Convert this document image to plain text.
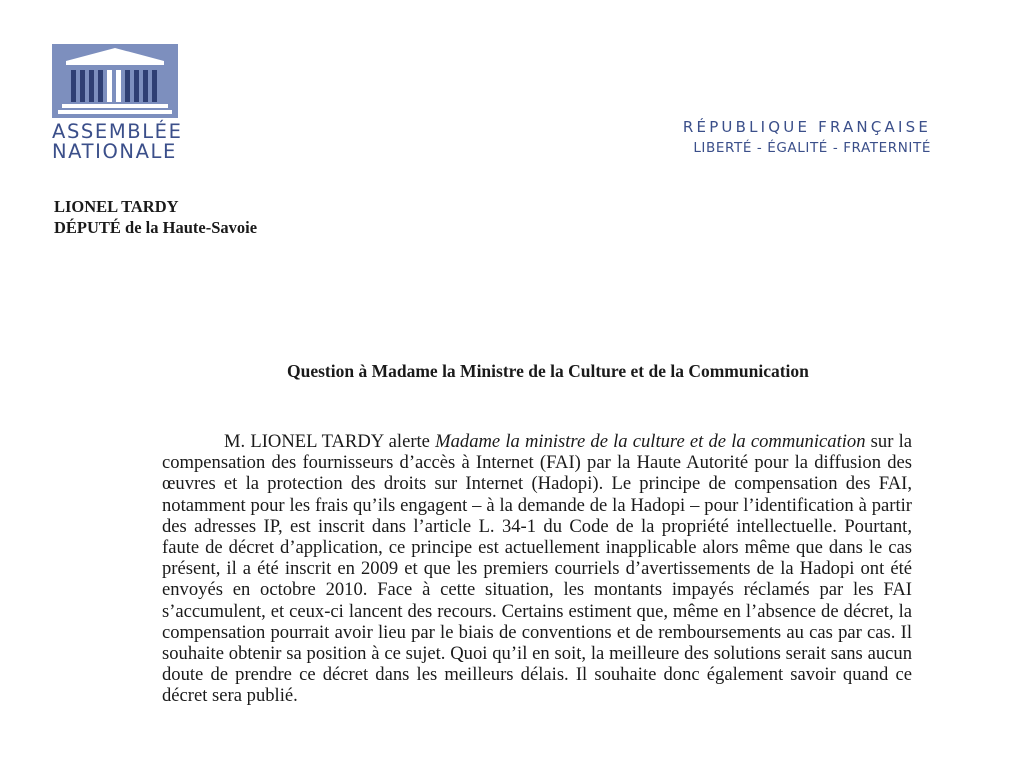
ASSEMBLÉE
NATIONALE
RÉPUBLIQUE FRANÇAISE
LIBERTÉ - ÉGALITÉ - FRATERNITÉ
LIONEL TARDY
DÉPUTÉ de la Haute-Savoie
Question à Madame la Ministre de la Culture et de la Communication

M. LIONEL TARDY alerte Madame la ministre de la culture et de la communication sur la compensation des fournisseurs d’accès à Internet (FAI) par la Haute Autorité pour la diffusion des œuvres et la protection des droits sur Internet (Hadopi). Le principe de compensation des FAI, notamment pour les frais qu’ils engagent – à la demande de la Hadopi – pour l’identification à partir des adresses IP, est inscrit dans l’article L. 34-1 du Code de la propriété intellectuelle. Pourtant, faute de décret d’application, ce principe est actuellement inapplicable alors même que dans le cas présent, il a été inscrit en 2009 et que les premiers courriels d’avertissements de la Hadopi ont été envoyés en octobre 2010. Face à cette situation, les montants impayés réclamés par les FAI s’accumulent, et ceux-ci lancent des recours. Certains estiment que, même en l’absence de décret, la compensation pourrait avoir lieu par le biais de conventions et de remboursements au cas par cas. Il souhaite obtenir sa position à ce sujet. Quoi qu’il en soit, la meilleure des solutions serait sans aucun doute de prendre ce décret dans les meilleurs délais. Il souhaite donc également savoir quand ce décret sera publié.
